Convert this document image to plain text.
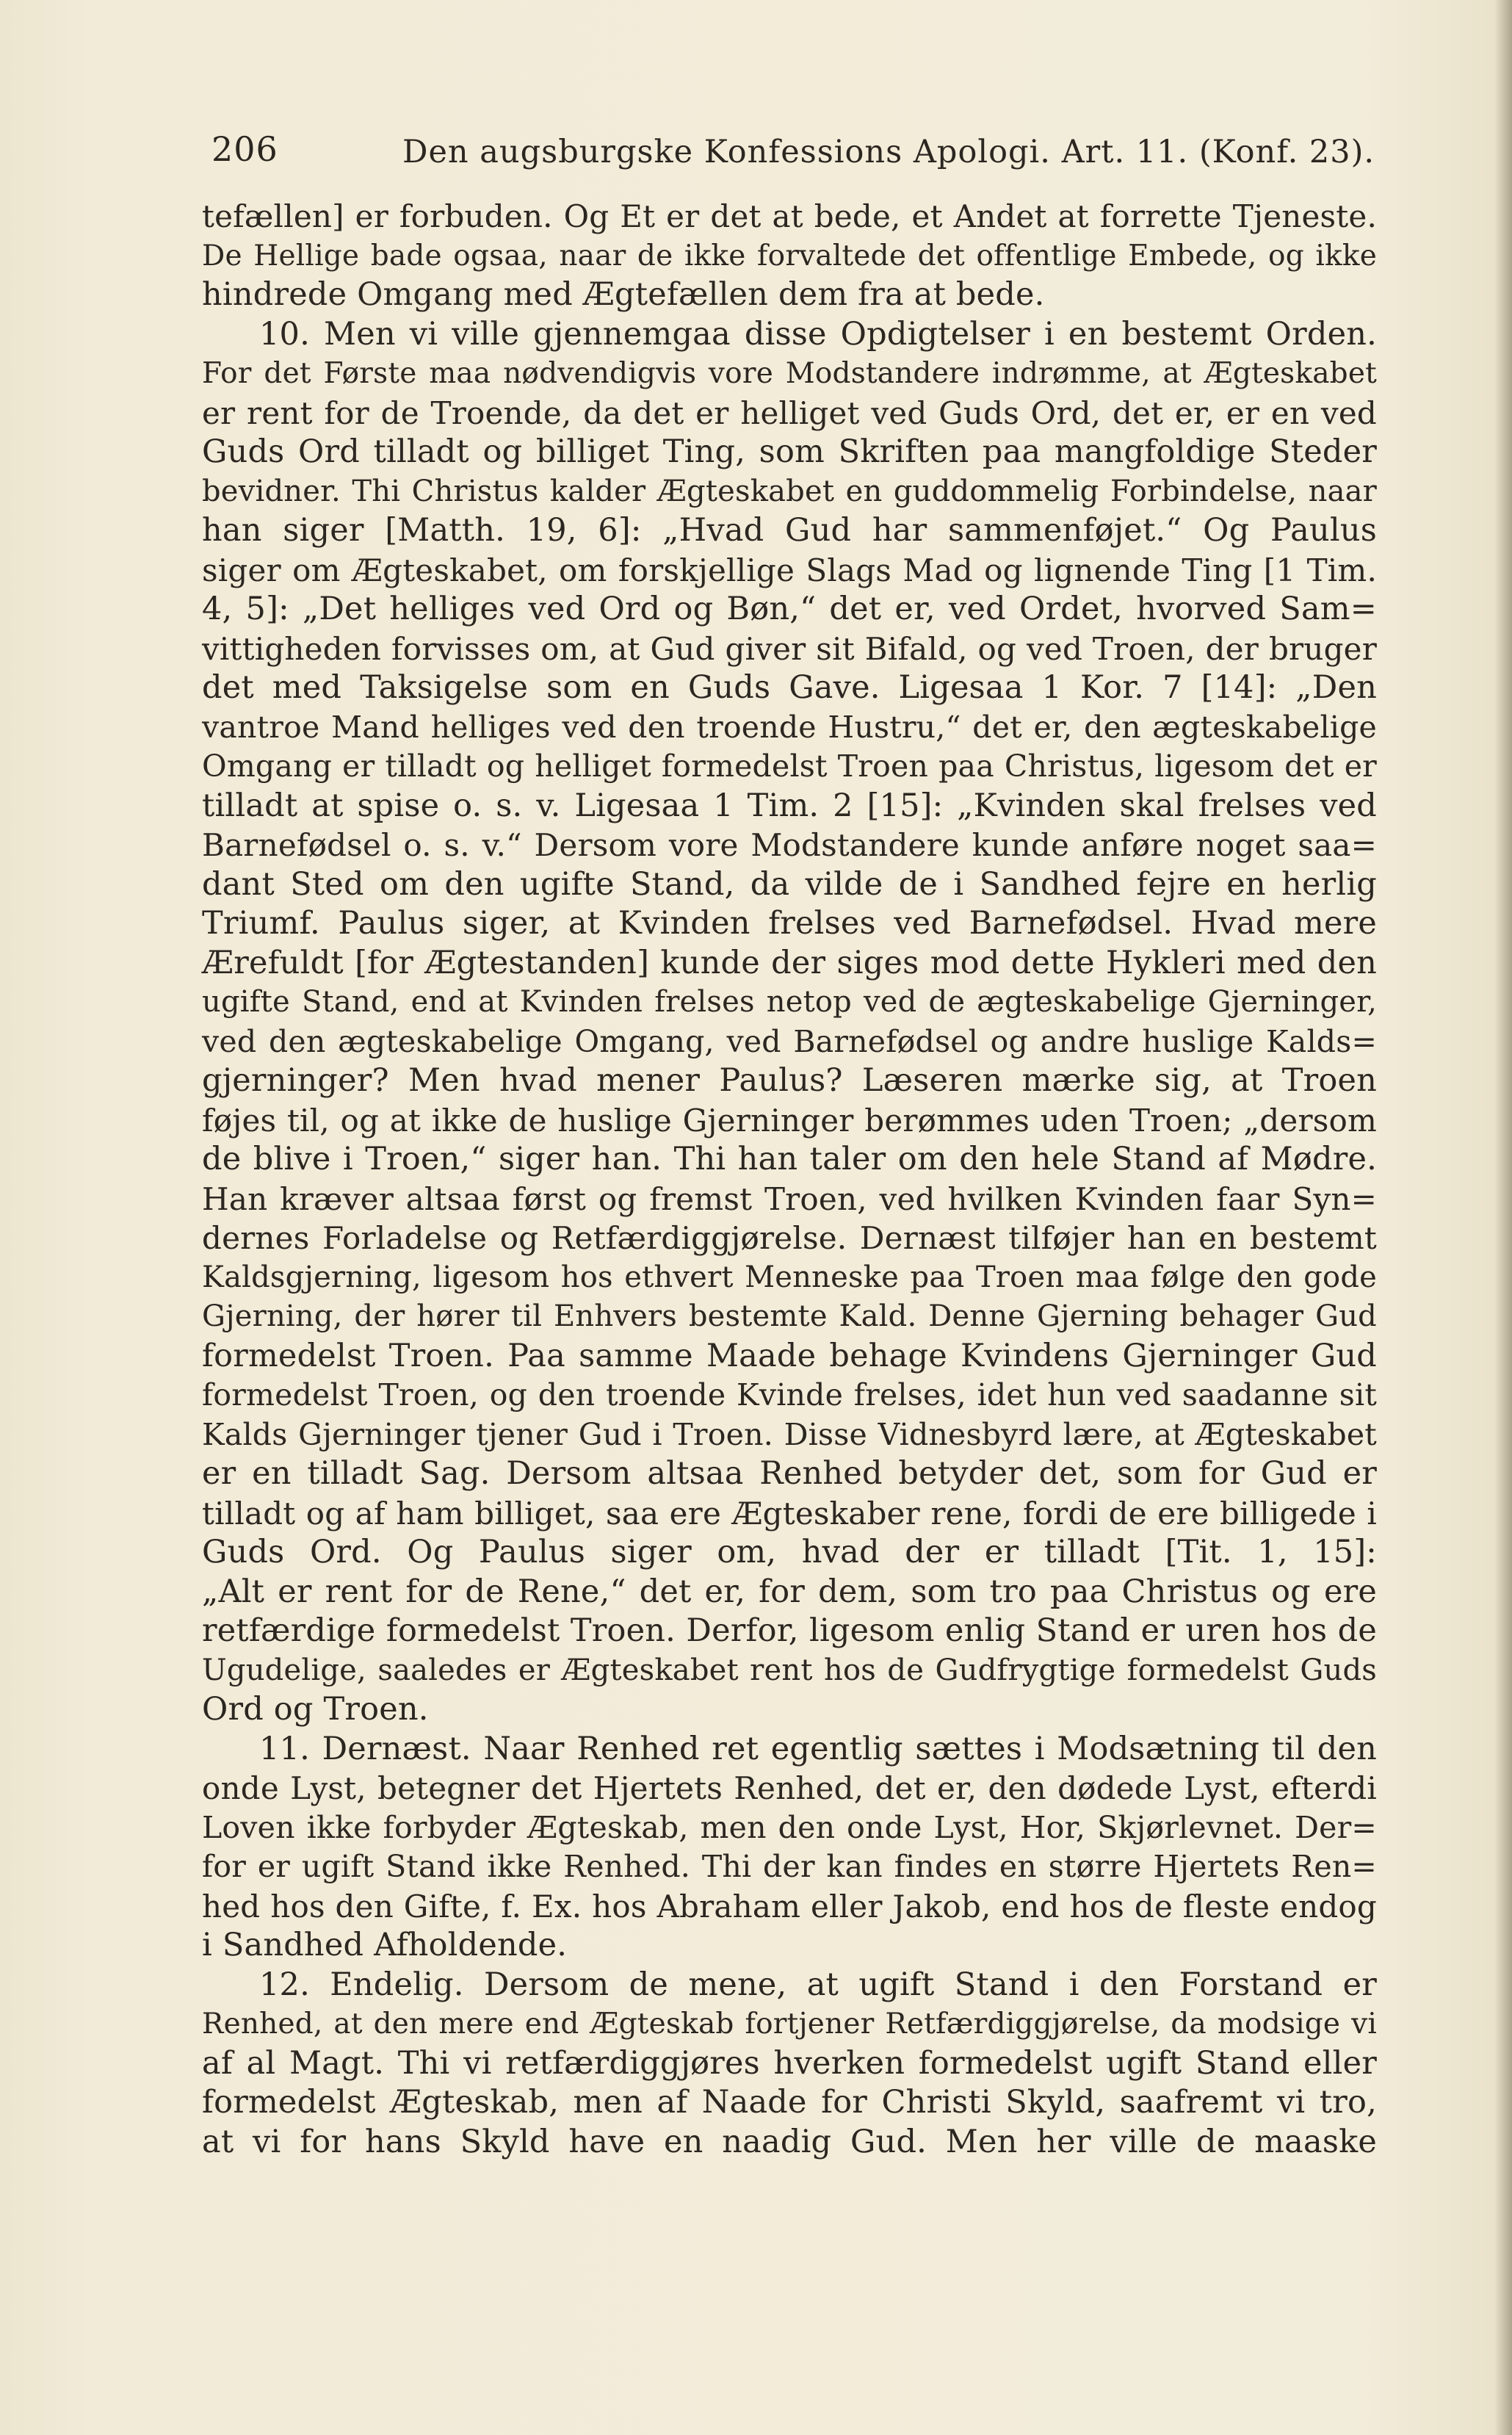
206	Den augsburgske Konfessions Apologi. Art. 11. (Konf. 23).
tefællen] er forbuden. Og Et er det at bede, et Andet at forrette Tjeneste.
De Hellige bade ogsaa, naar de ikke forvaltede det offentlige Embede, og ikke
hindrede Omgang med Ægtefællen dem fra at bede.
10. Men vi ville gjennemgaa disse Opdigtelser i en bestemt Orden.
For det Første maa nødvendigvis vore Modstandere indrømme, at Ægteskabet
er rent for de Troende, da det er helliget ved Guds Ord, det er, er en ved
Guds Ord tilladt og billiget Ting, som Skriften paa mangfoldige Steder
bevidner. Thi Christus kalder Ægteskabet en guddommelig Forbindelse, naar
han siger [Matth. 19, 6]: „Hvad Gud har sammenføjet.“ Og Paulus
siger om Ægteskabet, om forskjellige Slags Mad og lignende Ting [1 Tim.
4, 5]: „Det helliges ved Ord og Bøn,“ det er, ved Ordet, hvorved Sam=
vittigheden forvisses om, at Gud giver sit Bifald, og ved Troen, der bruger
det med Taksigelse som en Guds Gave. Ligesaa 1 Kor. 7 [14]: „Den
vantroe Mand helliges ved den troende Hustru,“ det er, den ægteskabelige
Omgang er tilladt og helliget formedelst Troen paa Christus, ligesom det er
tilladt at spise o. s. v. Ligesaa 1 Tim. 2 [15]: „Kvinden skal frelses ved
Barnefødsel o. s. v.“ Dersom vore Modstandere kunde anføre noget saa=
dant Sted om den ugifte Stand, da vilde de i Sandhed fejre en herlig
Triumf. Paulus siger, at Kvinden frelses ved Barnefødsel. Hvad mere
Ærefuldt [for Ægtestanden] kunde der siges mod dette Hykleri med den
ugifte Stand, end at Kvinden frelses netop ved de ægteskabelige Gjerninger,
ved den ægteskabelige Omgang, ved Barnefødsel og andre huslige Kalds=
gjerninger? Men hvad mener Paulus? Læseren mærke sig, at Troen
føjes til, og at ikke de huslige Gjerninger berømmes uden Troen; „dersom
de blive i Troen,“ siger han. Thi han taler om den hele Stand af Mødre.
Han kræver altsaa først og fremst Troen, ved hvilken Kvinden faar Syn=
dernes Forladelse og Retfærdiggjørelse. Dernæst tilføjer han en bestemt
Kaldsgjerning, ligesom hos ethvert Menneske paa Troen maa følge den gode
Gjerning, der hører til Enhvers bestemte Kald. Denne Gjerning behager Gud
formedelst Troen. Paa samme Maade behage Kvindens Gjerninger Gud
formedelst Troen, og den troende Kvinde frelses, idet hun ved saadanne sit
Kalds Gjerninger tjener Gud i Troen. Disse Vidnesbyrd lære, at Ægteskabet
er en tilladt Sag. Dersom altsaa Renhed betyder det, som for Gud er
tilladt og af ham billiget, saa ere Ægteskaber rene, fordi de ere billigede i
Guds Ord. Og Paulus siger om, hvad der er tilladt [Tit. 1, 15]:
„Alt er rent for de Rene,“ det er, for dem, som tro paa Christus og ere
retfærdige formedelst Troen. Derfor, ligesom enlig Stand er uren hos de
Ugudelige, saaledes er Ægteskabet rent hos de Gudfrygtige formedelst Guds
Ord og Troen.
11. Dernæst. Naar Renhed ret egentlig sættes i Modsætning til den
onde Lyst, betegner det Hjertets Renhed, det er, den dødede Lyst, efterdi
Loven ikke forbyder Ægteskab, men den onde Lyst, Hor, Skjørlevnet. Der=
for er ugift Stand ikke Renhed. Thi der kan findes en større Hjertets Ren=
hed hos den Gifte, f. Ex. hos Abraham eller Jakob, end hos de fleste endog
i Sandhed Afholdende.
12. Endelig. Dersom de mene, at ugift Stand i den Forstand er
Renhed, at den mere end Ægteskab fortjener Retfærdiggjørelse, da modsige vi
af al Magt. Thi vi retfærdiggjøres hverken formedelst ugift Stand eller
formedelst Ægteskab, men af Naade for Christi Skyld, saafremt vi tro,
at vi for hans Skyld have en naadig Gud. Men her ville de maaske
